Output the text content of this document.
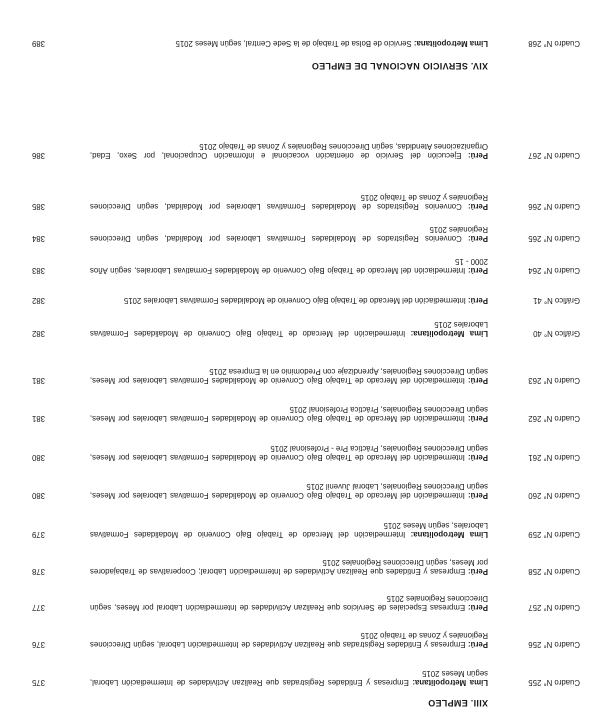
XIII. EMPLEO
Cuadro N° 255
Lima Metropolitana: Empresas y Entidades Registradas que Realizan Actividades de Intermediación Laboral, según Meses 2015
375
Cuadro N° 256
Perú: Empresas y Entidades Registradas que Realizan Actividades de Intermediación Laboral, según Direcciones Regionales y Zonas de Trabajo 2015
376
Cuadro N° 257
Perú: Empresas Especiales de Servicios que Realizan Actividades de Intermediación Laboral por Meses, según Direcciones Regionales 2015
377
Cuadro N° 258
Perú: Empresas y Entidades que Realizan Actividades de Intermediación Laboral; Cooperativas de Trabajadores por Meses, según Direcciones Regionales 2015
378
Cuadro N° 259
Lima Metropolitana: Intermediación del Mercado de Trabajo Bajo Convenio de Modalidades Formativas Laborales, según Meses 2015
379
Cuadro N° 260
Perú: Intermediación del Mercado de Trabajo Bajo Convenio de Modalidades Formativas Laborales por Meses, según Direcciones Regionales, Laboral Juvenil 2015
380
Cuadro N° 261
Perú: Intermediación del Mercado de Trabajo Bajo Convenio de Modalidades Formativas Laborales por Meses, según Direcciones Regionales, Práctica Pre - Profesional 2015
380
Cuadro N° 262
Perú: Intermediación del Mercado de Trabajo Bajo Convenio de Modalidades Formativas Laborales por Meses, según Direcciones Regionales, Práctica Profesional 2015
381
Cuadro N° 263
Perú: Intermediación del Mercado de Trabajo Bajo Convenio de Modalidades Formativas Laborales por Meses, según Direcciones Regionales, Aprendizaje con Predominio en la Empresa 2015
381
Gráfico N° 40
Lima Metropolitana: Intermediación del Mercado de Trabajo Bajo Convenio de Modalidades Formativas Laborales 2015
382
Gráfico N° 41
Perú: Intermediación del Mercado de Trabajo Bajo Convenio de Modalidades Formativas Laborales 2015
382
Cuadro N° 264
Perú: Intermediación del Mercado de Trabajo Bajo Convenio de Modalidades Formativas Laborales, según Años 2000 - 15
383
Cuadro N° 265
Perú: Convenios Registrados de Modalidades Formativas Laborales por Modalidad, según Direcciones Regionales 2015
384
Cuadro N° 266
Perú: Convenios Registrados de Modalidades Formativas Laborales por Modalidad, según Direcciones Regionales y Zonas de Trabajo 2015
385
Cuadro N° 267
Perú: Ejecución del Servicio de orientación vocacional e información Ocupacional, por Sexo, Edad, Organizaciones Atendidas, según Direcciones Regionales y Zonas de Trabajo 2015
386
XIV. SERVICIO NACIONAL DE EMPLEO
Cuadro N° 268
Lima Metropolitana: Servicio de Bolsa de Trabajo de la Sede Central, según Meses 2015
389
